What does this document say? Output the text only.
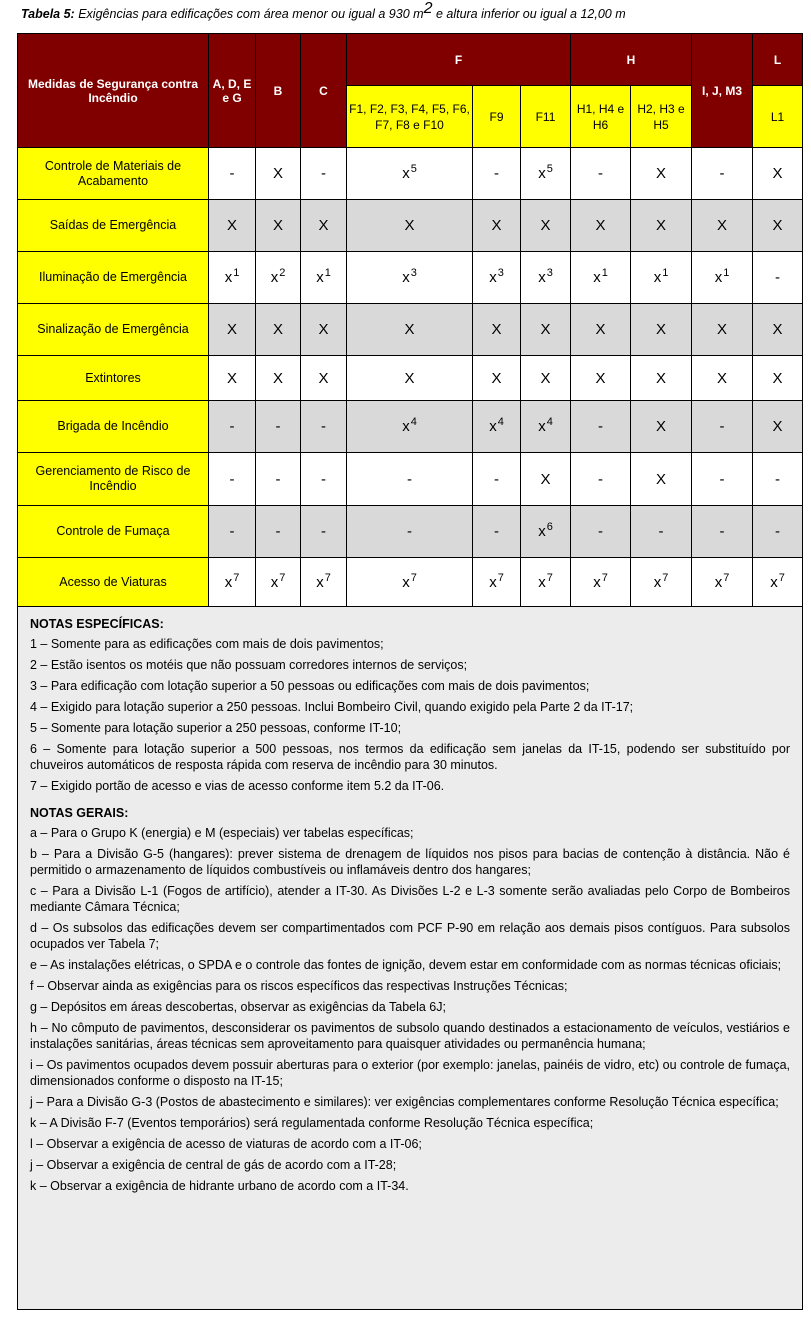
Tabela 5: Exigências para edificações com área menor ou igual a 930 $m^2$ e altura inferior ou igual a 12,00 m
Medidas de Segurança contra Incêndio	A, D, E e G	B	C	F			H		I, J, M3	L
				F1, F2, F3, F4, F5, F6, F7, F8 e F10	F9	F11	H1, H4 e H6	H2, H3 e H5		L1
Controle de Materiais de Acabamento	-	X	-	$x^5$	-	$x^5$	-	X	-	X
Saídas de Emergência	X	X	X	X	X	X	X	X	X	X
Iluminação de Emergência	$x^1$	$x^2$	$x^1$	$x^3$	$x^3$	$x^3$	$x^1$	$x^1$	$x^1$	-
Sinalização de Emergência	X	X	X	X	X	X	X	X	X	X
Extintores	X	X	X	X	X	X	X	X	X	X
Brigada de Incêndio	-	-	-	$x^4$	$x^4$	$x^4$	-	X	-	X
Gerenciamento de Risco de Incêndio	-	-	-	-	-	X	-	X	-	-
Controle de Fumaça	-	-	-	-	-	$x^6$	-	-	-	-
Acesso de Viaturas	$x^7$	$x^7$	$x^7$	$x^7$	$x^7$	$x^7$	$x^7$	$x^7$	$x^7$	$x^7$
NOTAS ESPECÍFICAS:
1 – Somente para as edificações com mais de dois pavimentos;
2 – Estão isentos os motéis que não possuam corredores internos de serviços;
3 – Para edificação com lotação superior a 50 pessoas ou edificações com mais de dois pavimentos;
4 – Exigido para lotação superior a 250 pessoas. Inclui Bombeiro Civil, quando exigido pela Parte 2 da IT-17;
5 – Somente para lotação superior a 250 pessoas, conforme IT-10;
6 – Somente para lotação superior a 500 pessoas, nos termos da edificação sem janelas da IT-15, podendo ser substituído por chuveiros automáticos de resposta rápida com reserva de incêndio para 30 minutos.
7 – Exigido portão de acesso e vias de acesso conforme item 5.2 da IT-06.
NOTAS GERAIS:
a – Para o Grupo K (energia) e M (especiais) ver tabelas específicas;
b – Para a Divisão G-5 (hangares): prever sistema de drenagem de líquidos nos pisos para bacias de contenção à distância. Não é permitido o armazenamento de líquidos combustíveis ou inflamáveis dentro dos hangares;
c – Para a Divisão L-1 (Fogos de artifício), atender a IT-30. As Divisões L-2 e L-3 somente serão avaliadas pelo Corpo de Bombeiros mediante Câmara Técnica;
d – Os subsolos das edificações devem ser compartimentados com PCF P-90 em relação aos demais pisos contíguos. Para subsolos ocupados ver Tabela 7;
e – As instalações elétricas, o SPDA e o controle das fontes de ignição, devem estar em conformidade com as normas técnicas oficiais;
f – Observar ainda as exigências para os riscos específicos das respectivas Instruções Técnicas;
g – Depósitos em áreas descobertas, observar as exigências da Tabela 6J;
h – No cômputo de pavimentos, desconsiderar os pavimentos de subsolo quando destinados a estacionamento de veículos, vestiários e instalações sanitárias, áreas técnicas sem aproveitamento para quaisquer atividades ou permanência humana;
i – Os pavimentos ocupados devem possuir aberturas para o exterior (por exemplo: janelas, painéis de vidro, etc) ou controle de fumaça, dimensionados conforme o disposto na IT-15;
j – Para a Divisão G-3 (Postos de abastecimento e similares): ver exigências complementares conforme Resolução Técnica específica;
k – A Divisão F-7 (Eventos temporários) será regulamentada conforme Resolução Técnica específica;
l – Observar a exigência de acesso de viaturas de acordo com a IT-06;
j – Observar a exigência de central de gás de acordo com a IT-28;
k – Observar a exigência de hidrante urbano de acordo com a IT-34.
